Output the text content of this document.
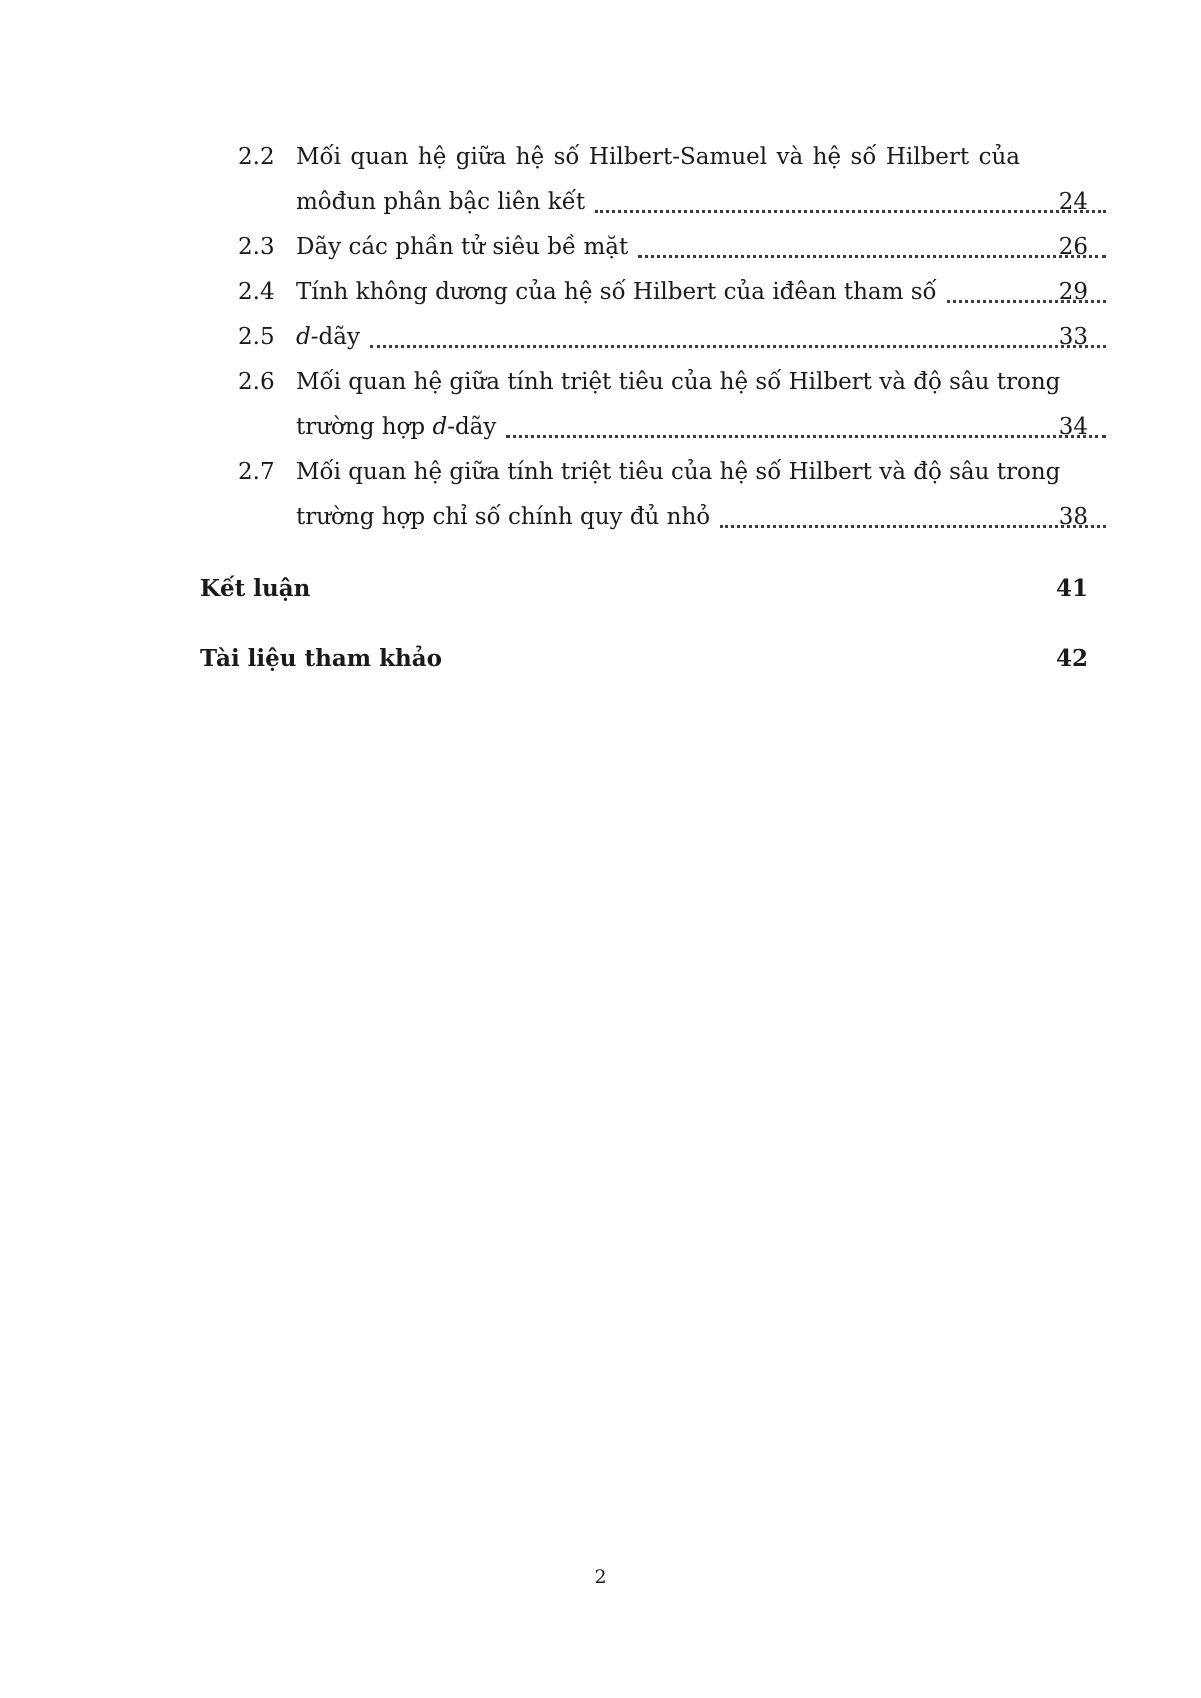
2.2 Mối quan hệ giữa hệ số Hilbert-Samuel và hệ số Hilbert của
môđun phân bậc liên kết	24
2.3 Dãy các phần tử siêu bề mặt	26
2.4 Tính không dương của hệ số Hilbert của iđêan tham số	29
2.5 d-dãy	33
2.6 Mối quan hệ giữa tính triệt tiêu của hệ số Hilbert và độ sâu trong
trường hợp d-dãy	34
2.7 Mối quan hệ giữa tính triệt tiêu của hệ số Hilbert và độ sâu trong
trường hợp chỉ số chính quy đủ nhỏ	38
Kết luận	41
Tài liệu tham khảo	42
2
